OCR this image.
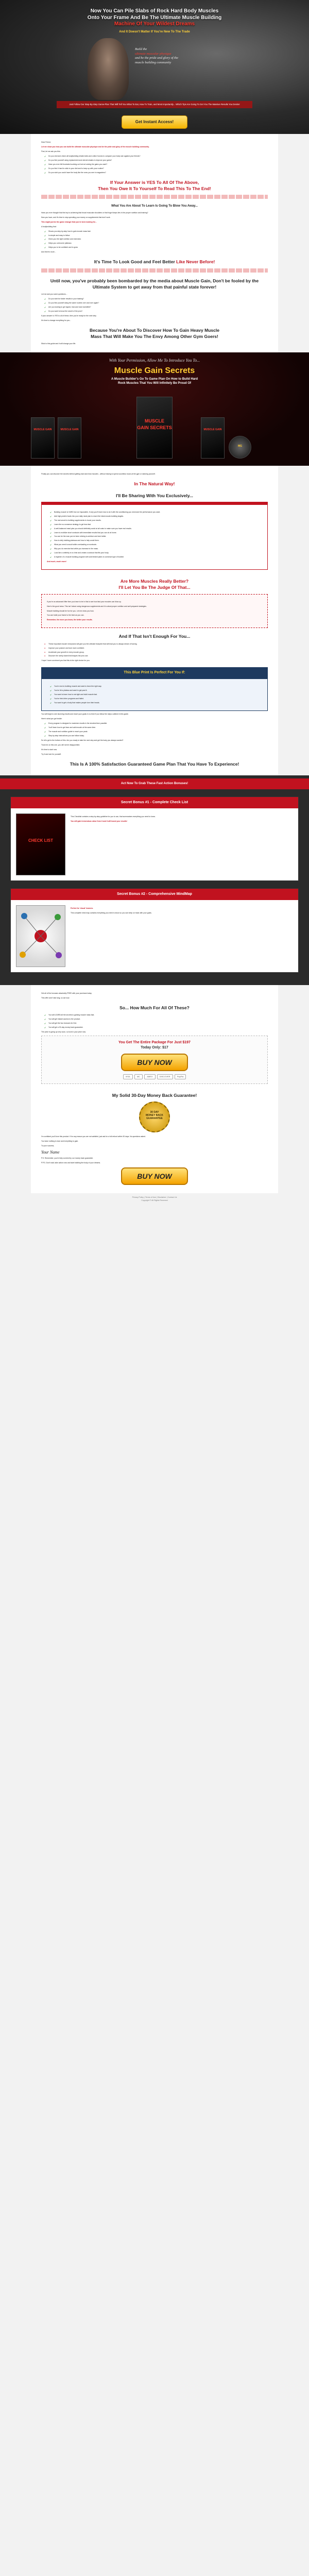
Now You Can Pile Slabs of Rock Hard Body Muscles
Onto Your Frame And Be The Ultimate Muscle Building
Machine Of Your Wildest Dreams
And It Doesn't Matter If You're New To The Trade
Build the
ultimate muscular physique
and be the pride and glory of the
muscle building community
Just Follow Our Step-By-Step Game-Plan That Will Tell You What To Eat, How To Train, and Most Importantly... Which Tips Are Going To Get You The Massive Results You Desire!
Get Instant Access!

Dear Friend,

Let me show you how you can build the ultimate muscular physique and be the pride and glory of the muscle building community.

First, let me ask you this:

✔ Do you visit and check all bodybuilding related sites and online forums to compare your body size against your friends?
✔ Do you find yourself using replacement and steroid shakes to improve your gains?
✔ Have you ever felt frustrated working out but not seeing the gains you want?
✔ Do you find it hard to stick to your diet and to keep up with your routine?
✔ Do you wish you could have the body like the ones you see in magazines?
If Your Answer is YES To All Of The Above,
Then You Owe It To Yourself To Read This To The End!
What You Are About To Learn Is Going To Blow You Away...

Have you ever thought that the key to achieving that broad muscular shoulders or that huge biceps lies in the proper nutrition and training?

Now you have, and it's time to stop spending your money on supplements that don't work.

This might just be the game changer that you've been looking for...

A bodybuilding that:

✔ Shows you step-by-step how to gain muscle mass fast
✔ Is simple and easy to follow
✔ Gives you the right nutrition and exercises
✔ Helps you overcome plateaus
✔ Helps you to be confident and to grow

And there's more...

It's Time To Look Good and Feel Better Like Never Before!
Until now, you've probably been bombarded by the media about Muscle Gain, Don't be fooled by the Ultimate System to get away from that painful state forever!

Let me ask you some questions...

✔ Do you wish for faster results in your training?
✔ Do you find yourself doing the same routine over and over again?
✔ Are you looking to get ripped, lean and look incredible?
✔ Do you want to know the secret of the pros?

If your answer is YES to all of these, then you're ready for the next step.

It's time to change everything for you...

Because You're About To Discover How To Gain Heavy Muscle
Mass That Will Make You The Envy Among Other Gym Goers!

Stick to this guide and it will change your life.

With Your Permission, Allow Me To Introduce You To...
Muscle Gain Secrets
A Muscle Builder's Go To Game Plan On How to Build Hard
Rock Muscles That You Will Infinitely Be Proud Of
MUSCLE GAIN	MUSCLE GAIN
MUSCLE
GAIN SECRETS	MUSCLE GAIN
MG

Finally you can discover the secrets behind getting hard and lean muscles - without having to spend countless hours at the gym or starving yourself.

In The Natural Way!
I'll Be Sharing With You Exclusively...
✔ Building muscle is HARD but not impossible, if only you'll learn how to do it with the conditioning you need and the performance you want.
✔ Add high protein foods into your daily meal plan to reach the ideal muscle-building targets.
✔ The real secret to building supplements to boost your results.
✔ Learn the no-nonsense strategy to get lean fast.
✔ A well-balanced meal plan you should definitely avoid at all costs to make sure you have real results.
✔ Learn to mobilize short workouts with immediate results that you can do at home.
✔ You can be the man you've been striving to achieve and look better.
✔ How to defy building plateaus and how to help avoid them.
✔ What you need to avoid while overloading on workouts.
✔ Why you do exercise fast while you increase in the mass.
✔ Look like a celebrity in no time and create a workout that fits your body.
✔ A regimen of a muscle building program with solid tested plans to construct type of bodies!

And much, much more!

Are More Muscles Really Better?
I'll Let You Be The Judge Of That...

If you're an advanced lifter then you have to be in this to see how fast your muscles can blow up.

Here's the good news: This isn't about using dangerous supplements and it is about proper nutrition and well-prepared strategies.

Muscle building should be fun for you. Let me show you how.

You can build your frame to the best as you can.

Remember, the more you know, the better your results.

And If That Isn't Enough For You...
● These important muscle meal plans will give you the ultimate blueprint that will lead you to always dream of having.
● Improve your posture and look more confident.
● Accelerate your growth in every muscle group.
● Discover the rarely shared techniques the pros use.

I hope I have convinced you that this is the right choice for you.

This Blue Print Is Perfect For You If:
✔ You're new to building muscle and want to learn the right way.
✔ You've hit a plateau and want to get past it.
✔ You want to learn how to eat right and build muscle fast.
✔ You've tried other programs and failed.
✔ You want to get a body that makes people turn their heads.

You will begin to see stunning results and reach your goals in no time if you follow the steps outlined in this guide.

Here's what you get inside:

✔ Every program is designed to maximize results in the shortest time possible.
✔ You'll learn how to get lean and add muscle at the same time.
✔ The muscle and nutrition guide to reach your peak.
✔ Step-by-step instructions you can follow today.

So let's get to the bottom of this. Are you ready to take the next step and get the body you always wanted?

Trust me on this one, you will not be disappointed.

It's time to start now.

Try it and see for yourself.

This Is A 100% Satisfaction Guaranteed Game Plan That You Have To Experience!
Act Now To Grab These Fast Action Bonuses!
Secret Bonus #1 - Complete Check List
CHECK LIST

This Checklist contains a step-by-step guideline for you to use, that summarizes everything you need to know.

You will gain tremendous value from it and it will boost your results!

Secret Bonus #2 - Comprehensive MindMap

Perfect for 'visual' learners.

This complete mind map contains everything you need to know so you can keep on track with your goals.

Get all of the bonuses absolutely FREE with your purchase today.

This offer won't last long, so act now.

So... How Much For All Of These?
✔ You will LEARN all the secrets to gaining muscle mass fast.
✔ You will get instant access to the product.
✔ You will get the two bonuses for free.
✔ You will get a 30-day money back guarantee.

The price is going up very soon, so lock in your price now.

You Get The Entire Package For Just $197
Today Only: $17
BUY NOW
VISA	MC	AMEX	DISCOVER	PayPal
My Solid 30-Day Money Back Guarantee!
30 DAY
MONEY BACK
GUARANTEE

I'm confident you'll love this product. If for any reason you are not satisfied, just ask for a full refund within 30 days. No questions asked.

You have nothing to lose and everything to gain.

To your success,

Your Name

P.S. Remember, you're fully covered by our money back guarantee.

P.P.S. Don't wait, take action now and start building the body of your dreams.

BUY NOW
Privacy Policy | Terms of Use | Disclaimer | Contact Us
Copyright © All Rights Reserved
